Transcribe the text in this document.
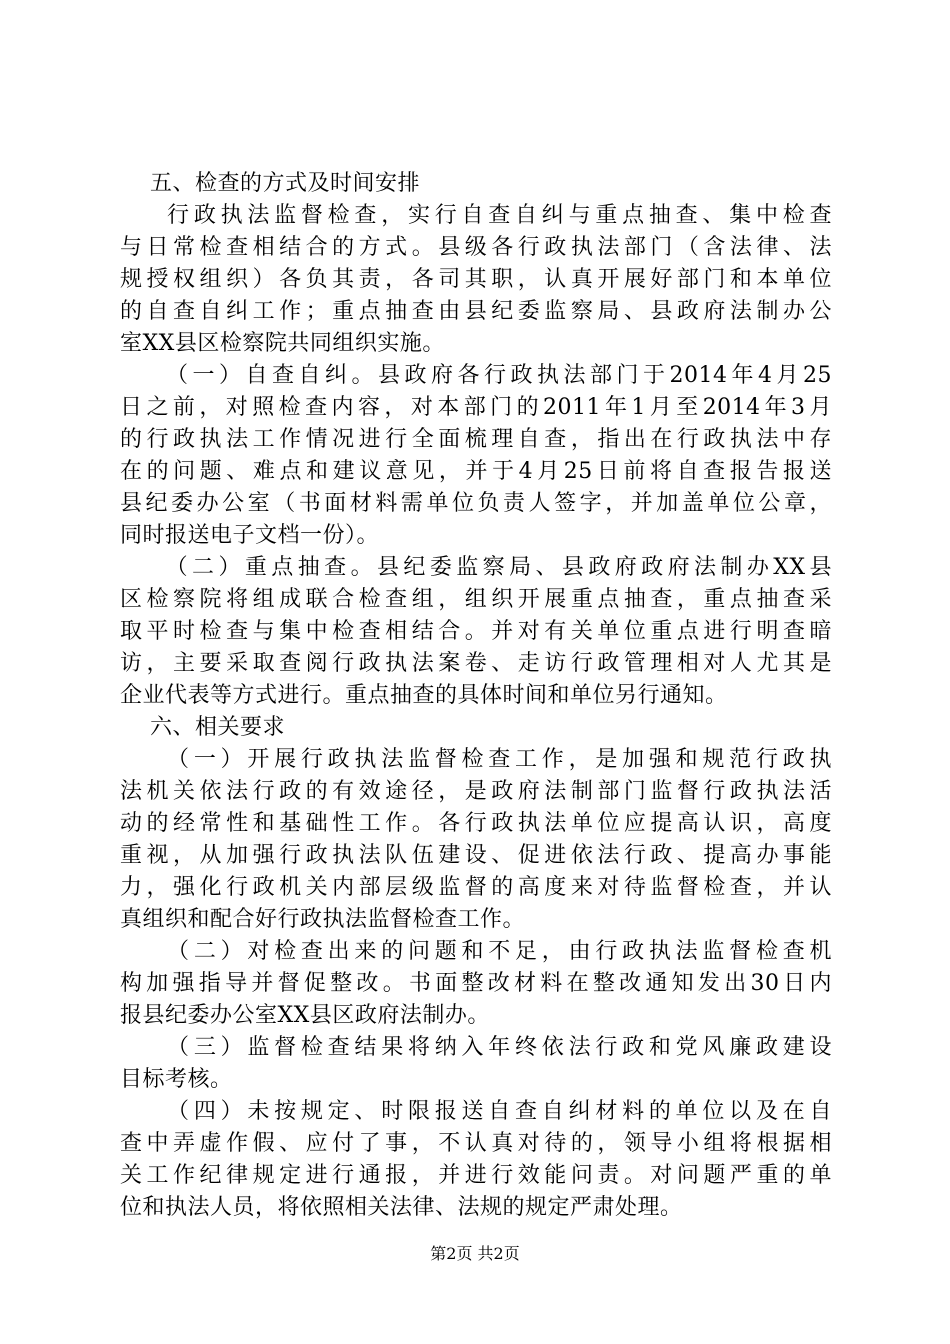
五、检查的方式及时间安排
行政执法监督检查，实行自查自纠与重点抽查、集中检查
与日常检查相结合的方式。县级各行政执法部门（含法律、法
规授权组织）各负其责，各司其职，认真开展好部门和本单位
的自查自纠工作；重点抽查由县纪委监察局、县政府法制办公
室XX县区检察院共同组织实施。
（一）自查自纠。县政府各行政执法部门于2014年4月25
日之前，对照检查内容，对本部门的2011年1月至2014年3月
的行政执法工作情况进行全面梳理自查，指出在行政执法中存
在的问题、难点和建议意见，并于4月25日前将自查报告报送
县纪委办公室（书面材料需单位负责人签字，并加盖单位公章，
同时报送电子文档一份）。
（二）重点抽查。县纪委监察局、县政府政府法制办XX县
区检察院将组成联合检查组，组织开展重点抽查，重点抽查采
取平时检查与集中检查相结合。并对有关单位重点进行明查暗
访，主要采取查阅行政执法案卷、走访行政管理相对人尤其是
企业代表等方式进行。重点抽查的具体时间和单位另行通知。
六、相关要求
（一）开展行政执法监督检查工作，是加强和规范行政执
法机关依法行政的有效途径，是政府法制部门监督行政执法活
动的经常性和基础性工作。各行政执法单位应提高认识，高度
重视，从加强行政执法队伍建设、促进依法行政、提高办事能
力，强化行政机关内部层级监督的高度来对待监督检查，并认
真组织和配合好行政执法监督检查工作。
（二）对检查出来的问题和不足，由行政执法监督检查机
构加强指导并督促整改。书面整改材料在整改通知发出30日内
报县纪委办公室XX县区政府法制办。
（三）监督检查结果将纳入年终依法行政和党风廉政建设
目标考核。
（四）未按规定、时限报送自查自纠材料的单位以及在自
查中弄虚作假、应付了事，不认真对待的，领导小组将根据相
关工作纪律规定进行通报，并进行效能问责。对问题严重的单
位和执法人员，将依照相关法律、法规的规定严肃处理。
第2页 共2页
